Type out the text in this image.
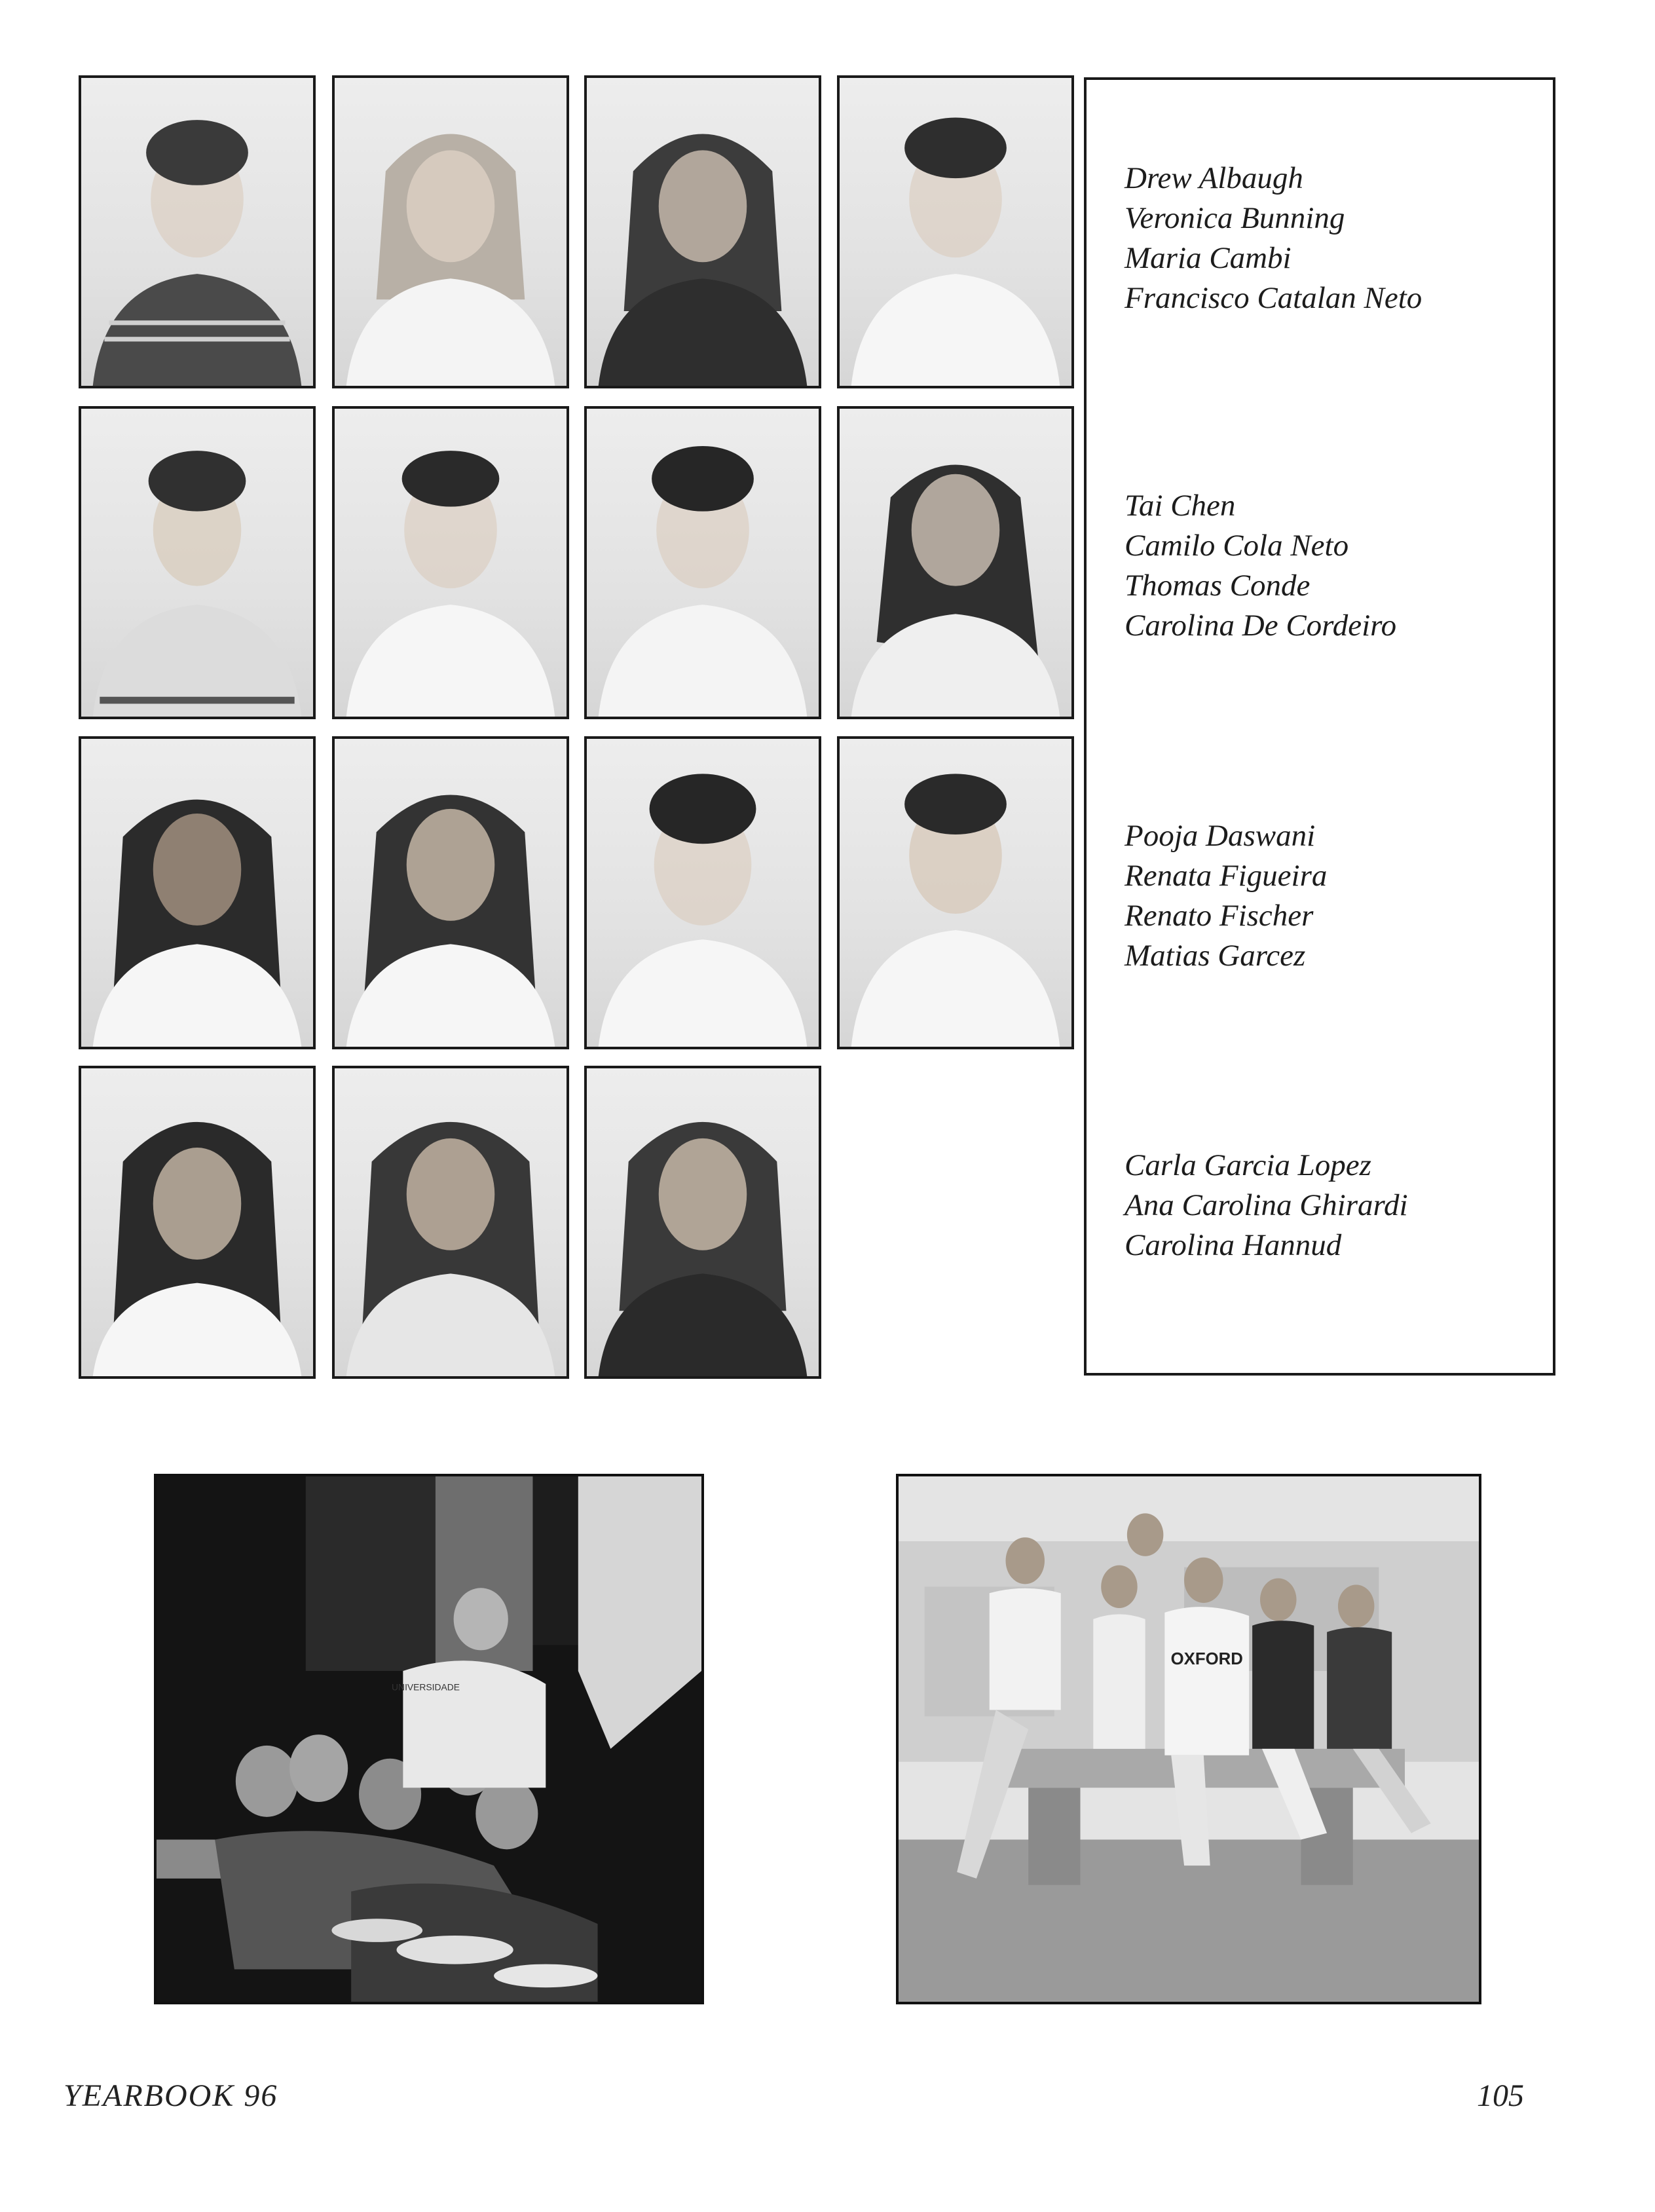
Drew Albaugh
Veronica Bunning
Maria Cambi
Francisco Catalan Neto
Tai Chen
Camilo Cola Neto
Thomas Conde
Carolina De Cordeiro
Pooja Daswani
Renata Figueira
Renato Fischer
Matias Garcez
Carla Garcia Lopez
Ana Carolina Ghirardi
Carolina Hannud
UNIVERSIDADE
OXFORD
YEARBOOK 96	105
